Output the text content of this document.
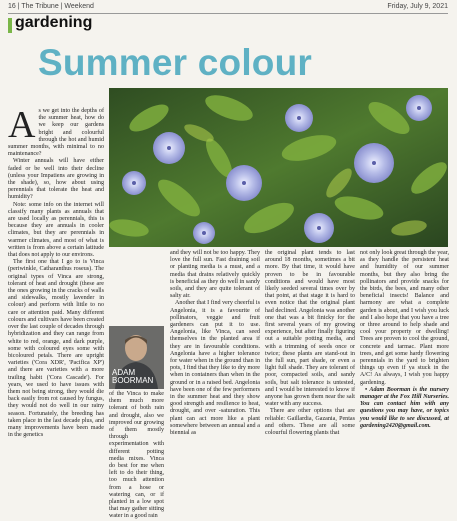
16 | The Tribune | Weekend	Friday, July 9, 2021
gardening
Summer colour

As we get into the depths of the summer heat, how do we keep our gardens bright and colourful through the hot and humid summer months, with minimal to no maintenance?

Winter annuals will have either faded or be well into their decline (unless your Impatiens are growing in the shade), so, how about using perennials that tolerate the heat and humidity?

Note: some info on the internet will classify many plants as annuals that are used locally as perennials, this is because they are annuals in cooler climates, but they are perennials in warmer climates, and most of what is written is from above a certain latitude that does not apply to our environs.

The first one that I go to is Vinca (periwinkle, Catharanthus roseus). The original types of Vinca are strong, tolerant of heat and drought (these are the ones growing in the cracks of walls and sidewalks, mostly lavender in colour) and perform with little to no care or attention paid. Many different colours and cultivars have been created over the last couple of decades through hybridization and they can range from white to red, orange, and dark purple, some with coloured eyes some with bicoloured petals. There are upright varieties ('Cora XDR', 'Pacifica XP') and there are varieties with a more trailing habit ('Cora Cascade'). For years, we used to have issues with them not being strong, they would die back easily from rot caused by fungus, they would not do well in our rainy season. Fortunately, the breeding has taken place in the last decade plus, and many improvements have been made in the genetics

ADAM
BOORMAN

of the Vinca to make them much more tolerant of both rain and drought, also we improved our growing of them mostly through experimentation with different potting media mixes. Vinca do best for me when left to do their thing, too much attention from a hose or watering can, or if planted in a low spot that may gather sitting water in a good rain

and they will not be too happy. They love the full sun. Fast draining soil or planting media is a must, and a media that drains relatively quickly is beneficial as they do well in sandy soils, and they are quite tolerant of salty air.

Another that I find very cheerful is Angelonia, it is a favourite of pollinators, veggie and fruit gardeners can put it to use. Angelonia, like Vinca, can seed themselves in the planted area if they are in favourable conditions. Angelonia have a higher tolerance for water when in the ground than in pots, I find that they like to dry more when in containers than when in the ground or in a raised bed. Angelonia have been one of the few performers in the summer heat and they show good strength and resilience to heat, drought, and over -saturation. This plant can act more like a plant somewhere between an annual and a biennial as

the original plant tends to last around 18 months, sometimes a bit more. By that time, it would have proven to be in favourable conditions and would have most likely seeded several times over by that point, at that stage it is hard to even notice that the original plant had declined. Angelonia was another one that was a bit finicky for the first several years of my growing experience, but after finally figuring out a suitable potting media, and with a trimming of seeds once or twice; these plants are stand-out in the full sun, part shade, or even a light full shade. They are tolerant of poor, compacted soils, and sandy soils, but salt tolerance is untested, and I would be interested to know if anyone has grown them near the salt water with any success.

There are other options that are reliable: Gaillardia, Gazania, Pentas and others. These are all some colourful flowering plants that

not only look great through the year, as they handle the persistent heat and humidity of our summer months, but they also bring the pollinators and provide snacks for the birds, the bees, and many other beneficial insects! Balance and harmony are what a complete garden is about, and I wish you luck and I also hope that you have a tree or three around to help shade and cool your property or dwelling! Trees are proven to cool the ground, concrete and tarmac. Plant more trees, and get some hardy flowering perennials in the yard to brighten things up even if ya stuck in the A/C! As always, I wish you happy gardening.

• Adam Boorman is the nursery manager at the Fox Hill Nurseries. You can contact him with any questions you may have, or topics you would like to see discussed, at gardening2420@gmail.com.
